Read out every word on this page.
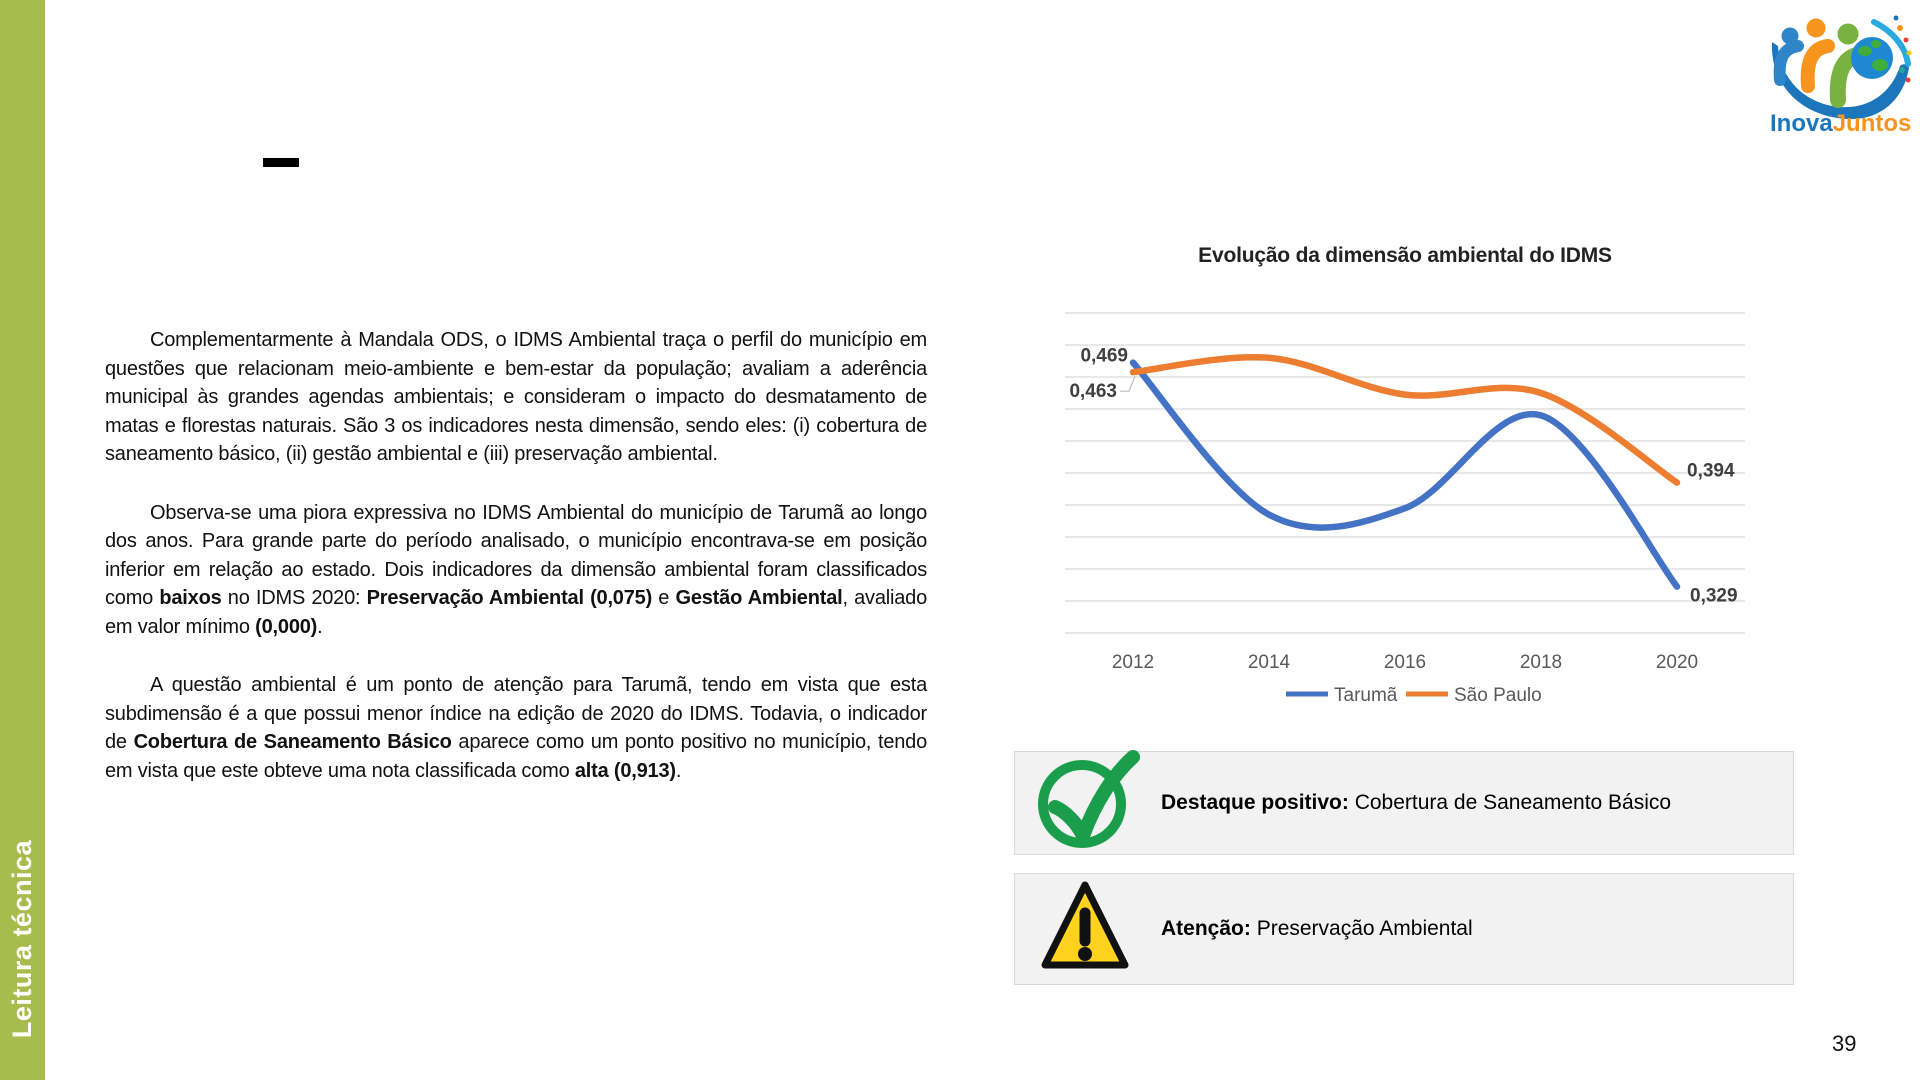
Leitura técnica

Complementarmente à Mandala ODS, o IDMS Ambiental traça o perfil do município em questões que relacionam meio-ambiente e bem-estar da população; avaliam a aderência municipal às grandes agendas ambientais; e consideram o impacto do desmatamento de matas e florestas naturais. São 3 os indicadores nesta dimensão, sendo eles: (i) cobertura de saneamento básico, (ii) gestão ambiental e (iii) preservação ambiental.

Observa-se uma piora expressiva no IDMS Ambiental do município de Tarumã ao longo dos anos. Para grande parte do período analisado, o município encontrava-se em posição inferior em relação ao estado. Dois indicadores da dimensão ambiental foram classificados como baixos no IDMS 2020: Preservação Ambiental (0,075) e Gestão Ambiental, avaliado em valor mínimo (0,000).

A questão ambiental é um ponto de atenção para Tarumã, tendo em vista que esta subdimensão é a que possui menor índice na edição de 2020 do IDMS. Todavia, o indicador de Cobertura de Saneamento Básico aparece como um ponto positivo no município, tendo em vista que este obteve uma nota classificada como alta (0,913).

Evolução da dimensão ambiental do IDMS
0,469
0,329
0,463
0,394
2012	2014	2016	2018	2020
Tarumã	São Paulo
Destaque positivo: Cobertura de Saneamento Básico
Atenção: Preservação Ambiental
39
InovaJuntos
